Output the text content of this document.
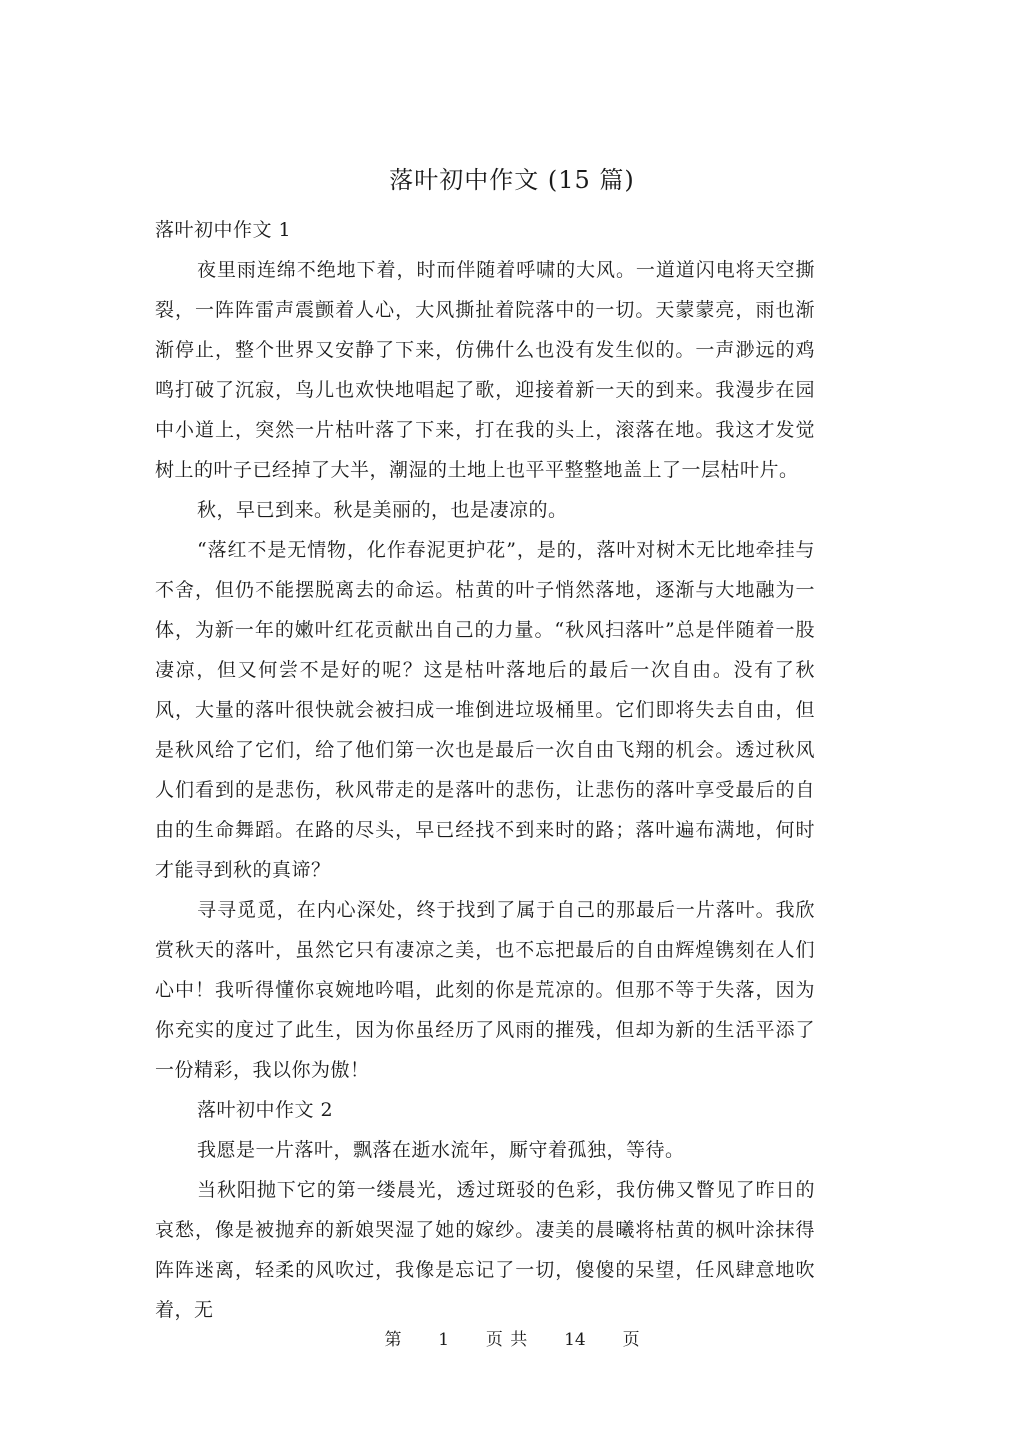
落叶初中作文 (15 篇)

落叶初中作文 1

夜里雨连绵不绝地下着，时而伴随着呼啸的大风。一道道闪电将天空撕裂，一阵阵雷声震颤着人心，大风撕扯着院落中的一切。天蒙蒙亮，雨也渐渐停止，整个世界又安静了下来，仿佛什么也没有发生似的。一声渺远的鸡鸣打破了沉寂，鸟儿也欢快地唱起了歌，迎接着新一天的到来。我漫步在园中小道上，突然一片枯叶落了下来，打在我的头上，滚落在地。我这才发觉树上的叶子已经掉了大半，潮湿的土地上也平平整整地盖上了一层枯叶片。

秋，早已到来。秋是美丽的，也是凄凉的。

“落红不是无情物，化作春泥更护花”，是的，落叶对树木无比地牵挂与不舍，但仍不能摆脱离去的命运。枯黄的叶子悄然落地，逐渐与大地融为一体，为新一年的嫩叶红花贡献出自己的力量。“秋风扫落叶”总是伴随着一股凄凉，但又何尝不是好的呢？这是枯叶落地后的最后一次自由。没有了秋风，大量的落叶很快就会被扫成一堆倒进垃圾桶里。它们即将失去自由，但是秋风给了它们，给了他们第一次也是最后一次自由飞翔的机会。透过秋风人们看到的是悲伤，秋风带走的是落叶的悲伤，让悲伤的落叶享受最后的自由的生命舞蹈。在路的尽头，早已经找不到来时的路；落叶遍布满地，何时才能寻到秋的真谛？

寻寻觅觅，在内心深处，终于找到了属于自己的那最后一片落叶。我欣赏秋天的落叶，虽然它只有凄凉之美，也不忘把最后的自由辉煌镌刻在人们心中！我听得懂你哀婉地吟唱，此刻的你是荒凉的。但那不等于失落，因为你充实的度过了此生，因为你虽经历了风雨的摧残，但却为新的生活平添了一份精彩，我以你为傲！

落叶初中作文 2

我愿是一片落叶，飘落在逝水流年，厮守着孤独，等待。

当秋阳抛下它的第一缕晨光，透过斑驳的色彩，我仿佛又瞥见了昨日的哀愁，像是被抛弃的新娘哭湿了她的嫁纱。凄美的晨曦将枯黄的枫叶涂抹得阵阵迷离，轻柔的风吹过，我像是忘记了一切，傻傻的呆望，任风肆意地吹着，无

第 1 页 共 14 页
